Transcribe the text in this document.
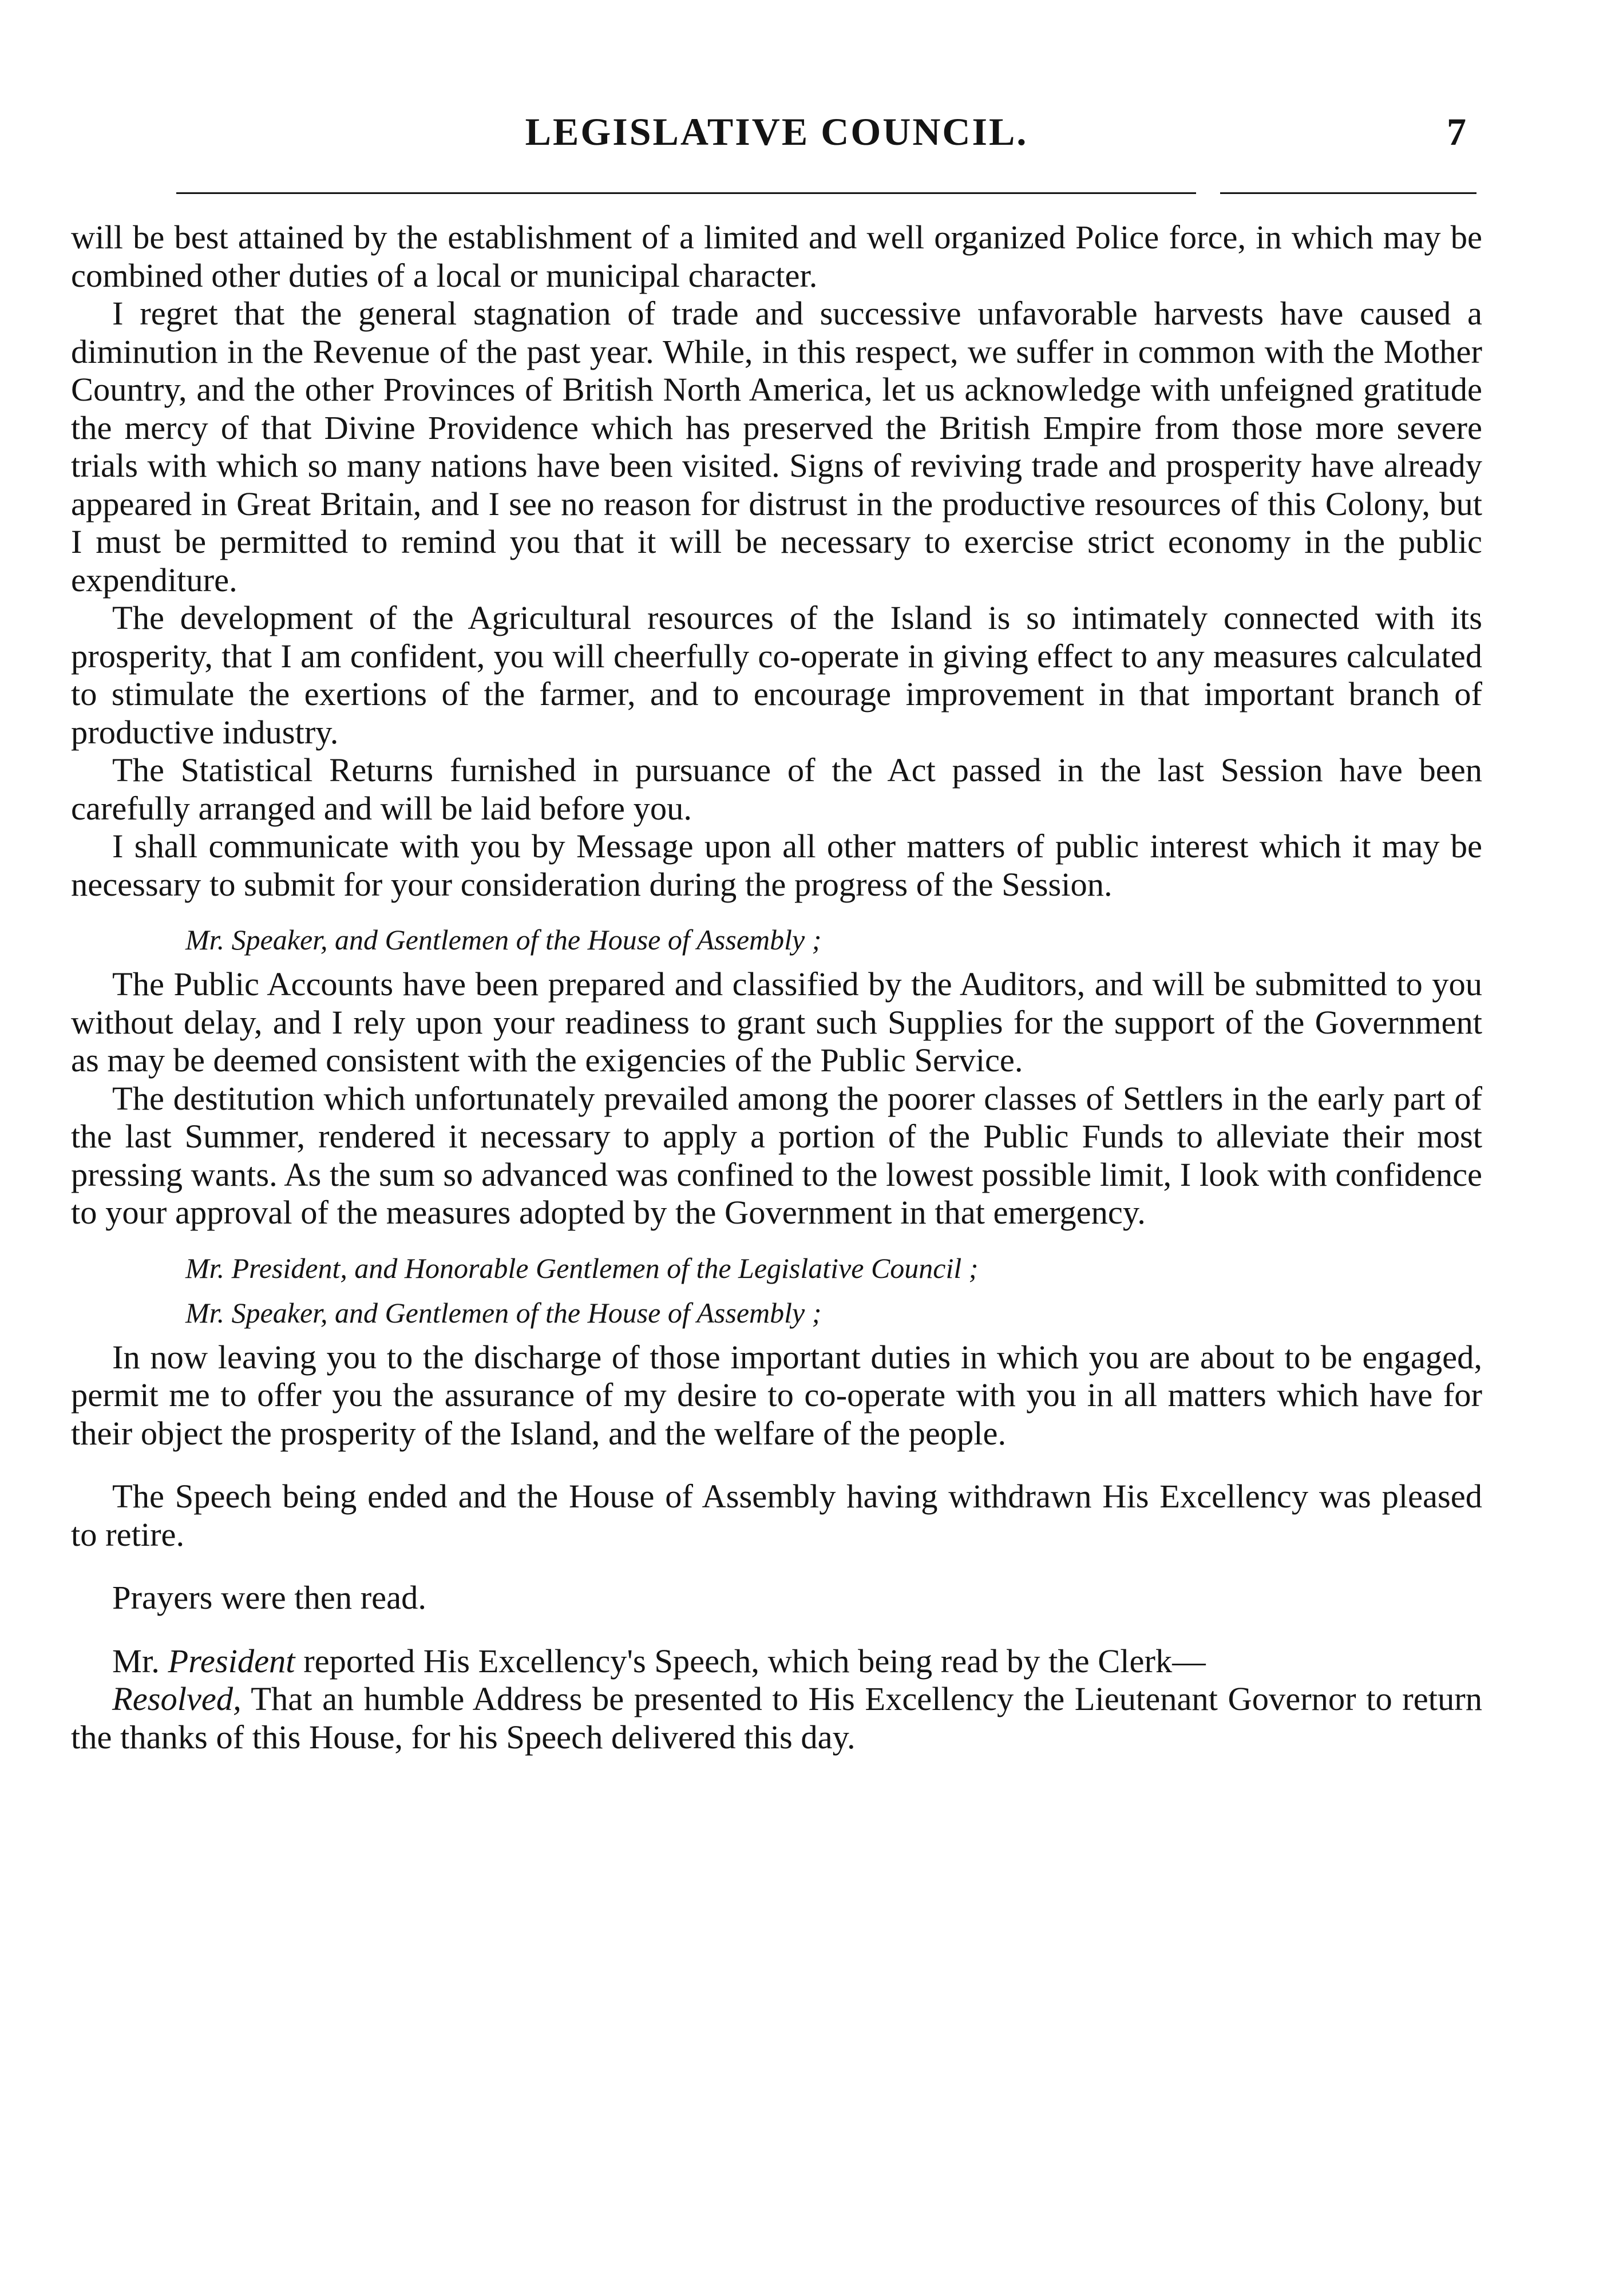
LEGISLATIVE COUNCIL.	7

will be best attained by the establishment of a limited and well organized Police force, in which may be combined other duties of a local or municipal character.

I regret that the general stagnation of trade and successive unfavorable harvests have caused a diminution in the Revenue of the past year. While, in this respect, we suffer in common with the Mother Country, and the other Provinces of British North America, let us acknowledge with unfeigned gratitude the mercy of that Divine Providence which has preserved the British Empire from those more severe trials with which so many nations have been visited. Signs of reviving trade and prosperity have already appeared in Great Britain, and I see no reason for distrust in the productive resources of this Colony, but I must be permitted to remind you that it will be necessary to exercise strict economy in the public expenditure.

The development of the Agricultural resources of the Island is so intimately connected with its prosperity, that I am confident, you will cheerfully co-operate in giving effect to any measures calculated to stimulate the exertions of the farmer, and to encourage improvement in that important branch of productive industry.

The Statistical Returns furnished in pursuance of the Act passed in the last Session have been carefully arranged and will be laid before you.

I shall communicate with you by Message upon all other matters of public interest which it may be necessary to submit for your consideration during the progress of the Session.

Mr. Speaker, and Gentlemen of the House of Assembly ;

The Public Accounts have been prepared and classified by the Auditors, and will be submitted to you without delay, and I rely upon your readiness to grant such Supplies for the support of the Government as may be deemed consistent with the exigencies of the Public Service.

The destitution which unfortunately prevailed among the poorer classes of Settlers in the early part of the last Summer, rendered it necessary to apply a portion of the Public Funds to alleviate their most pressing wants. As the sum so advanced was confined to the lowest possible limit, I look with confidence to your approval of the measures adopted by the Government in that emergency.

Mr. President, and Honorable Gentlemen of the Legislative Council ;
Mr. Speaker, and Gentlemen of the House of Assembly ;

In now leaving you to the discharge of those important duties in which you are about to be engaged, permit me to offer you the assurance of my desire to co-operate with you in all matters which have for their object the prosperity of the Island, and the welfare of the people.

The Speech being ended and the House of Assembly having withdrawn His Excellency was pleased to retire.

Prayers were then read.

Mr. President reported His Excellency's Speech, which being read by the Clerk—

Resolved, That an humble Address be presented to His Excellency the Lieutenant Governor to return the thanks of this House, for his Speech delivered this day.
